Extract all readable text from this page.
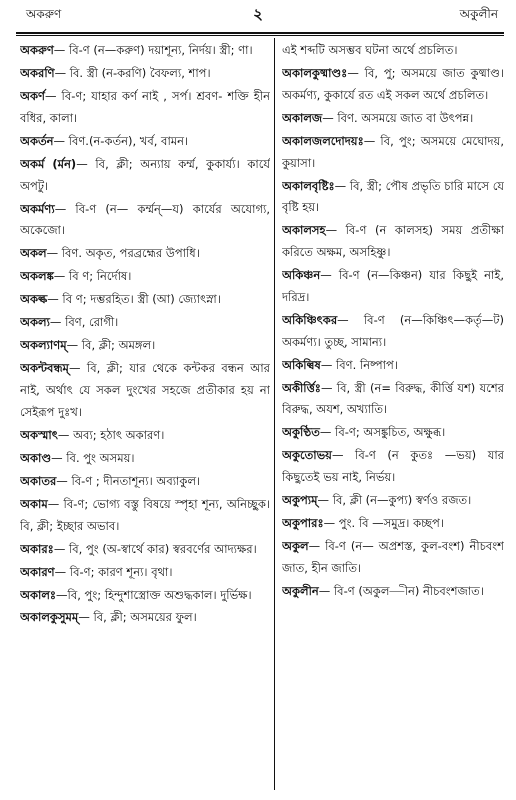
অকরুণ	২	অকুলীন
অকরুণ— বি-ণ (ন—করুণ) দয়াশূন্য, নির্দয়। স্ত্রী; ণা।
অকরণি— বি. স্ত্রী (ন-করণি) বৈফল্য, শাপ।
অকর্ণ— বি-ণ; যাহার কর্ণ নাই , সর্প। শ্রবণ- শক্তি হীন বধির, কালা।
অকর্তন— বিণ.(ন-কর্তন), খর্ব, বামন।
অকর্ম (র্মন)— বি, ক্লী; অন্যায় কর্ম্ম, কুকার্য্য। কার্যে অপটু।
অকর্মণ্য— বি-ণ (ন— কর্ম্মন্‌—য) কার্যের অযোগ্য, অকেজো।
অকল— বিণ. অকৃত, পরব্রহ্মের উপাধি।
অকলঙ্ক— বি ণ; নির্দোষ।
অকল্ক— বি ণ; দম্ভরহিত। স্ত্রী (আ) জ্যোৎস্না।
অকল্য— বিণ, রোগী।
অকল্যাণম্— বি, ক্লী; অমঙ্গল।
অকন্টবন্ধম্— বি, ক্লী; যার থেকে কন্টকর বন্ধন আর নাই, অর্থাৎ যে সকল দুংখের সহজে প্রতীকার হয় না সেইরূপ দুঃখ।
অকস্মাৎ— অব্য; হঠাৎ অকারণ।
অকাণ্ড— বি. পুং অসময়।
অকাতর— বি-ণ ; দীনতাশূন্য। অব্যাকুল।
অকাম— বি-ণ; ভোগ্য বস্তু বিষয়ে স্পৃহা শূন্য, অনিচ্ছুক। বি, ক্লী; ইচ্ছার অভাব।
অকারঃ— বি, পুং (অ-স্বার্থে কার) স্বরবর্ণের আদ্যক্ষর।
অকারণ— বি-ণ; কারণ শূন্য। বৃথা।
অকালঃ—বি, পুং; হিন্দুশাস্ত্রোক্ত অশুদ্ধকাল। দুর্ভিক্ষ।
অকালকুসুমম্— বি, ক্লী; অসময়ের ফুল।
এই শব্দটি অসম্ভব ঘটনা অর্থে প্রচলিত।
অকালকুষ্মাণ্ডঃ— বি, পু; অসময়ে জাত কুষ্মাণ্ড। অকর্মণ্য, কুকার্যে রত এই সকল অর্থে প্রচলিত।
অকালজ— বিণ. অসময়ে জাত বা উৎপন্ন।
অকালজলদোদয়ঃ— বি, পুং; অসময়ে মেঘোদয়, কুয়াসা।
অকালবৃষ্টিঃ— বি, স্ত্রী; পৌষ প্রভৃতি চারি মাসে যে বৃষ্টি হয়।
অকালসহ— বি-ণ (ন কালসহ) সময় প্রতীক্ষা করিতে অক্ষম, অসহিষ্ণু।
অকিঞ্চন— বি-ণ (ন—কিঞ্চন) যার কিছুই নাই, দরিদ্র।
অকিঞ্চিৎকর— বি-ণ (ন—কিঞ্চিৎ—কর্তৃ—ট) অকর্মণ্য। তুচ্ছ, সামান্য।
অকিল্বিষ— বিণ. নিষ্পাপ।
অকীর্ত্তিঃ— বি, স্ত্রী (ন= বিরুদ্ধ, কীর্ত্তি যশ) যশের বিরুদ্ধ, অযশ, অখ্যাতি।
অকুণ্ঠিত— বি-ণ; অসঙ্কুচিত, অক্ষুব্ধ।
অকুতোভয়— বি-ণ (ন কুতঃ —ভয়) যার কিছুতেই ভয় নাই, নির্ভয়।
অকুপ্যম্— বি, ক্লী (ন—কুপ্য) স্বর্ণও রজত।
অকুপারঃ— পুং. বি —সমুদ্র। কচ্ছপ।
অকুল— বি-ণ (ন— অপ্রশস্ত, কুল-বংশ) নীচবংশ জাত, হীন জাতি।
অকুলীন— বি-ণ (অকুল—ীন) নীচবংশজাত।
